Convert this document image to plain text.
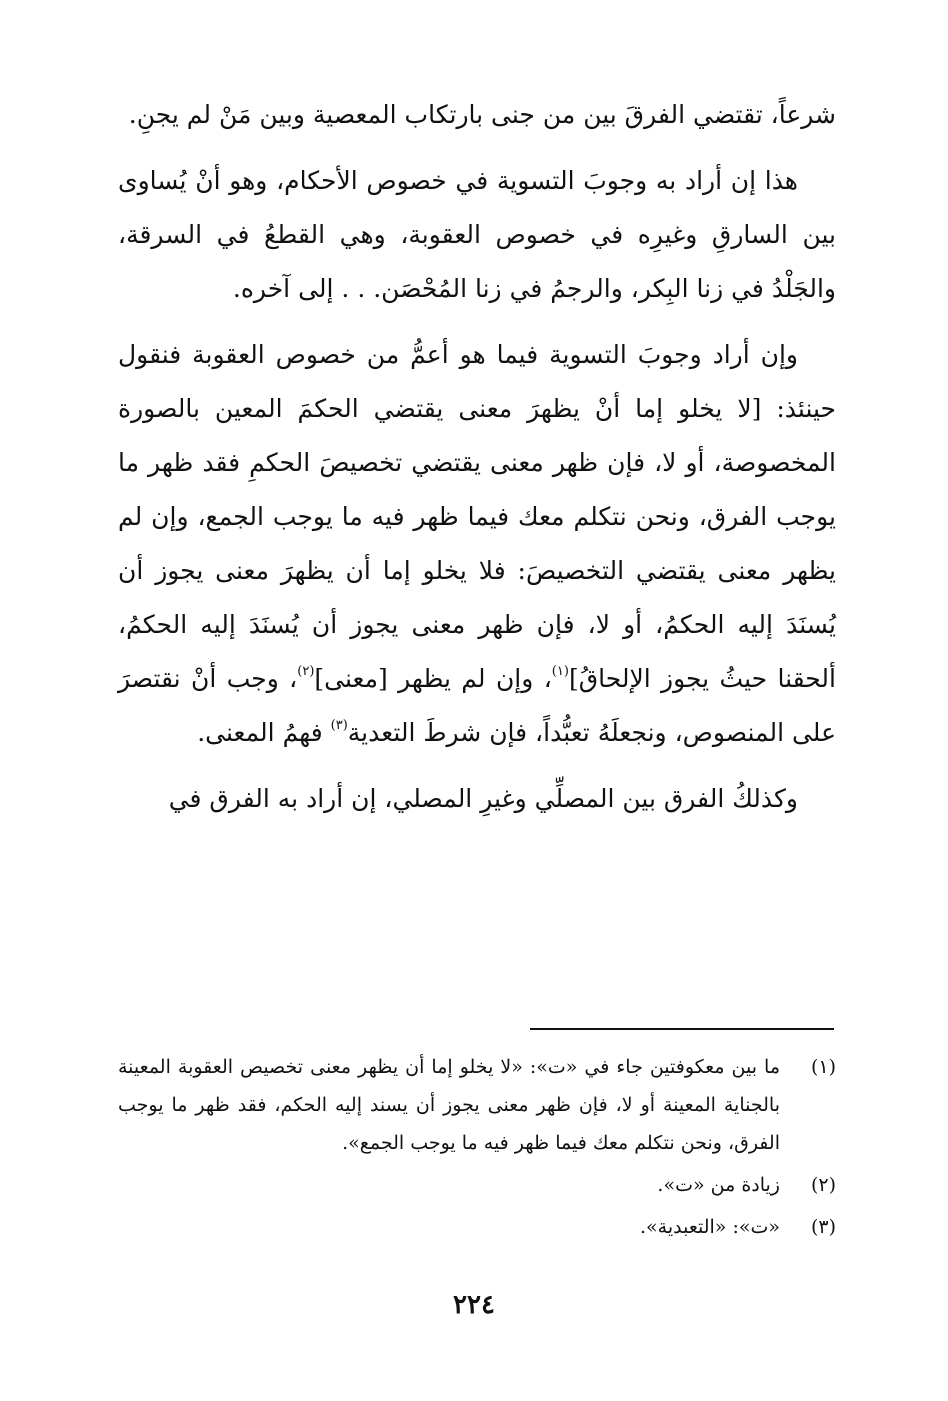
شرعاً، تقتضي الفرقَ بين من جنى بارتكاب المعصية وبين مَنْ لم يجنِ.

هذا إن أراد به وجوبَ التسوية في خصوص الأحكام، وهو أنْ يُساوى بين السارقِ وغيرِه في خصوص العقوبة، وهي القطعُ في السرقة، والجَلْدُ في زنا البِكر، والرجمُ في زنا المُحْصَن. . . إلى آخره.

وإن أراد وجوبَ التسوية فيما هو أعمُّ من خصوص العقوبة فنقول حينئذ: [لا يخلو إما أنْ يظهرَ معنى يقتضي الحكمَ المعين بالصورة المخصوصة، أو لا، فإن ظهر معنى يقتضي تخصيصَ الحكمِ فقد ظهر ما يوجب الفرق، ونحن نتكلم معك فيما ظهر فيه ما يوجب الجمع، وإن لم يظهر معنى يقتضي التخصيصَ: فلا يخلو إما أن يظهرَ معنى يجوز أن يُسنَدَ إليه الحكمُ، أو لا، فإن ظهر معنى يجوز أن يُسنَدَ إليه الحكمُ، ألحقنا حيثُ يجوز الإلحاقُ]$^{(١)}$، وإن لم يظهر [معنى]$^{(٢)}$، وجب أنْ نقتصرَ على المنصوص، ونجعلَهُ تعبُّداً، فإن شرطَ التعدية$^{(٣)}$ فهمُ المعنى.

وكذلكُ الفرق بين المصلِّي وغيرِ المصلي، إن أراد به الفرق في

(١)
ما بين معكوفتين جاء في «ت»: «لا يخلو إما أن يظهر معنى تخصيص العقوبة المعينة بالجناية المعينة أو لا، فإن ظهر معنى يجوز أن يسند إليه الحكم، فقد ظهر ما يوجب الفرق، ونحن نتكلم معك فيما ظهر فيه ما يوجب الجمع».
(٢)
زيادة من «ت».
(٣)
«ت»: «التعبدية».
٢٢٤
